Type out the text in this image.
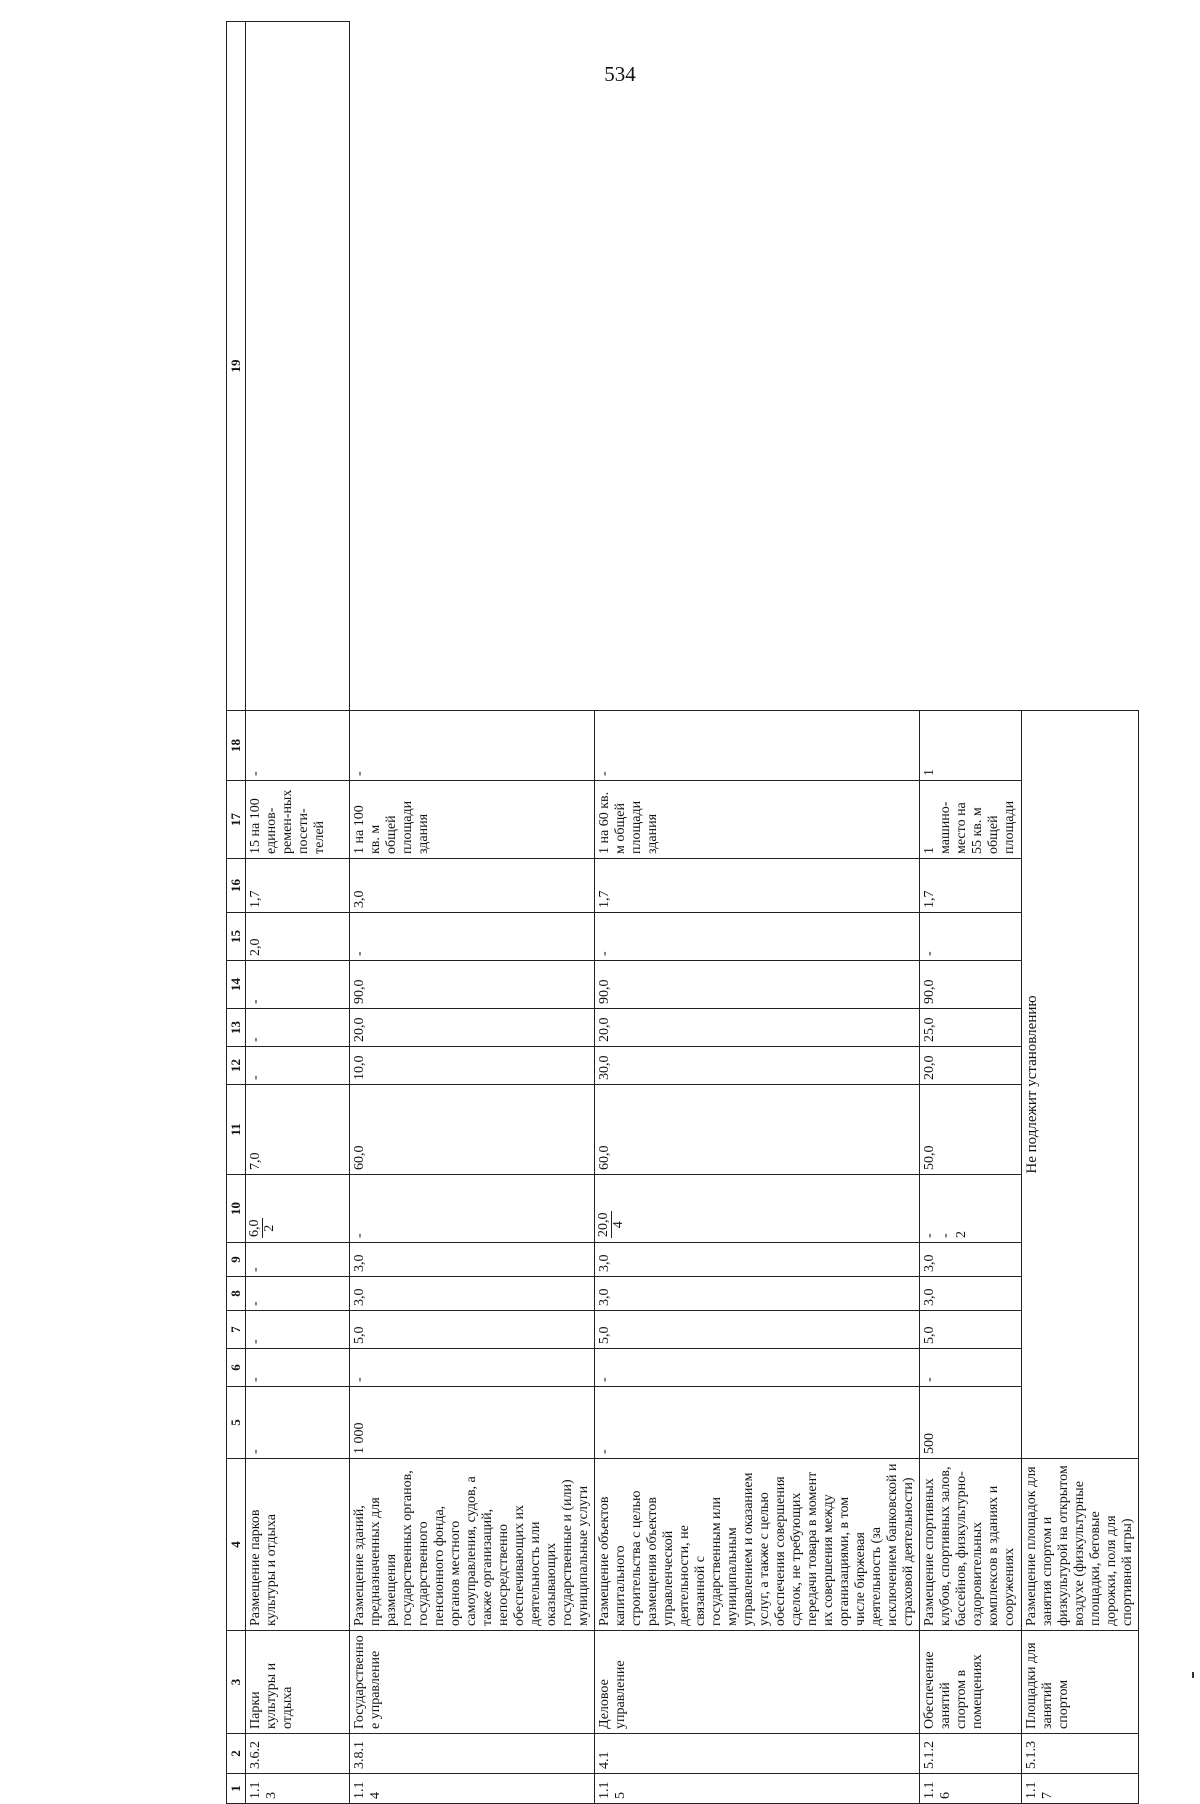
534
1	2	3	4	5	6	7	8	9	10	11	12	13	14	15	16	17	18	19
1.13	3.6.2	Парки культуры и отдыха	Размещение парков культуры и отдыха	-	-	-	-	-	6,0 2	7,0	-	-	-	2,0	1,7	15 на 100 единов-ремен-ных посети-телей	-	
1.14	3.8.1	Государственное управление	Размещение зданий, предназначенных для размещения государственных органов, государственного пенсионного фонда, органов местного самоуправления, судов, а также организаций, непосредственно обеспечивающих их деятельность или оказывающих государственные и (или) муниципальные услуги	1 000	-	5,0	3,0	3,0	-	60,0	10,0	20,0	90,0	-	3,0	1 на 100 кв. м общей площади здания	-	
1.15	4.1	Деловое управление	Размещение объектов капитального строительства с целью размещения объектов управленческой деятельности, не связанной с государственным или муниципальным управлением и оказанием услуг, а также с целью обеспечения совершения сделок, не требующих передачи товара в момент их совершения между организациями, в том числе биржевая деятельность (за исключением банковской и страховой деятельности)	-	-	5,0	3,0	3,0	20,0 4	60,0	30,0	20,0	90,0	-	1,7	1 на 60 кв. м общей площади здания	-	
1.16	5.1.2	Обеспечение занятий спортом в помещениях	Размещение спортивных клубов, спортивных залов, бассейнов, физкультурно-оздоровительных комплексов в зданиях и сооружениях	500	-	5,0	3,0	3,0	- - 2	50,0	20,0	25,0	90,0	-	1,7	1 машино-место на 55 кв. м общей площади	1	
1.17	5.1.3	Площадки для занятий спортом	Размещение площадок для занятия спортом и физкультурой на открытом воздухе (физкультурные площадки, беговые дорожки, поля для спортивной игры)	Не подлежит установлению														
